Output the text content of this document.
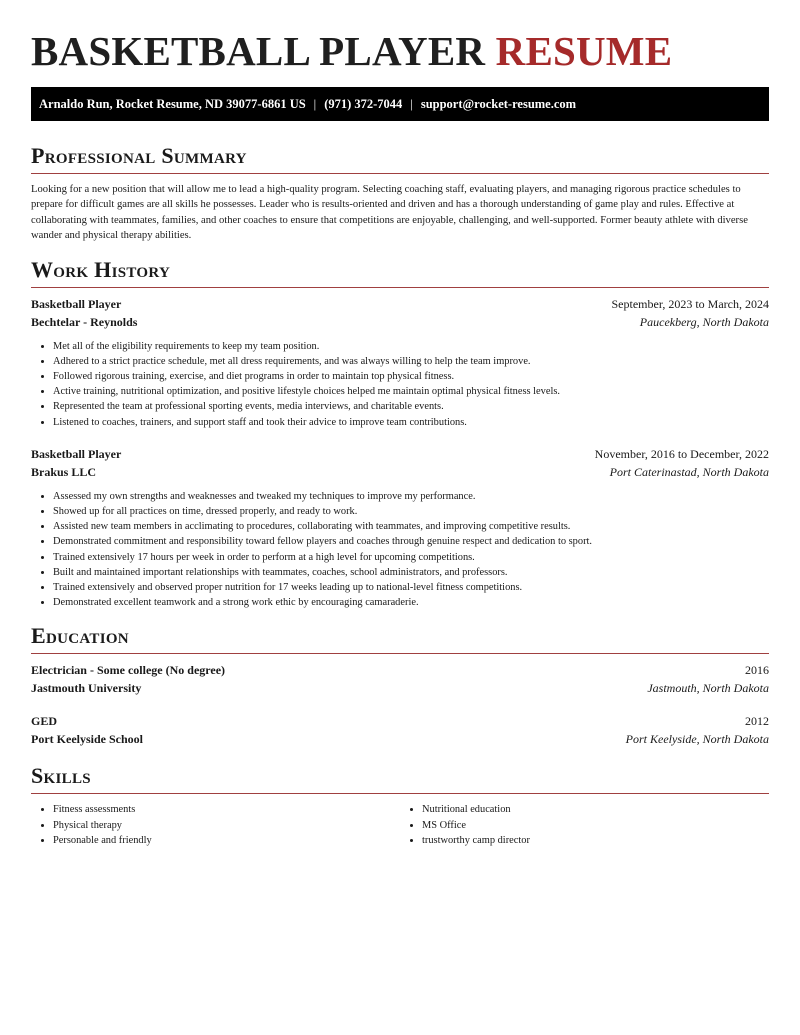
BASKETBALL PLAYER RESUME
Arnaldo Run, Rocket Resume, ND 39077-6861 US | (971) 372-7044 | support@rocket-resume.com
Professional Summary

Looking for a new position that will allow me to lead a high-quality program. Selecting coaching staff, evaluating players, and managing rigorous practice schedules to prepare for difficult games are all skills he possesses. Leader who is results-oriented and driven and has a thorough understanding of game play and rules. Effective at collaborating with teammates, families, and other coaches to ensure that competitions are enjoyable, challenging, and well-supported. Former beauty athlete with diverse wander and physical therapy abilities.

Work History
Basketball Player	September, 2023 to March, 2024
Bechtelar - Reynolds	Paucekberg, North Dakota
• Met all of the eligibility requirements to keep my team position.
• Adhered to a strict practice schedule, met all dress requirements, and was always willing to help the team improve.
• Followed rigorous training, exercise, and diet programs in order to maintain top physical fitness.
• Active training, nutritional optimization, and positive lifestyle choices helped me maintain optimal physical fitness levels.
• Represented the team at professional sporting events, media interviews, and charitable events.
• Listened to coaches, trainers, and support staff and took their advice to improve team contributions.
Basketball Player	November, 2016 to December, 2022
Brakus LLC	Port Caterinastad, North Dakota
• Assessed my own strengths and weaknesses and tweaked my techniques to improve my performance.
• Showed up for all practices on time, dressed properly, and ready to work.
• Assisted new team members in acclimating to procedures, collaborating with teammates, and improving competitive results.
• Demonstrated commitment and responsibility toward fellow players and coaches through genuine respect and dedication to sport.
• Trained extensively 17 hours per week in order to perform at a high level for upcoming competitions.
• Built and maintained important relationships with teammates, coaches, school administrators, and professors.
• Trained extensively and observed proper nutrition for 17 weeks leading up to national-level fitness competitions.
• Demonstrated excellent teamwork and a strong work ethic by encouraging camaraderie.
Education
Electrician - Some college (No degree)	2016
Jastmouth University	Jastmouth, North Dakota
GED	2012
Port Keelyside School	Port Keelyside, North Dakota
Skills
• Fitness assessments
• Physical therapy
• Personable and friendly
• Nutritional education
• MS Office
• trustworthy camp director
